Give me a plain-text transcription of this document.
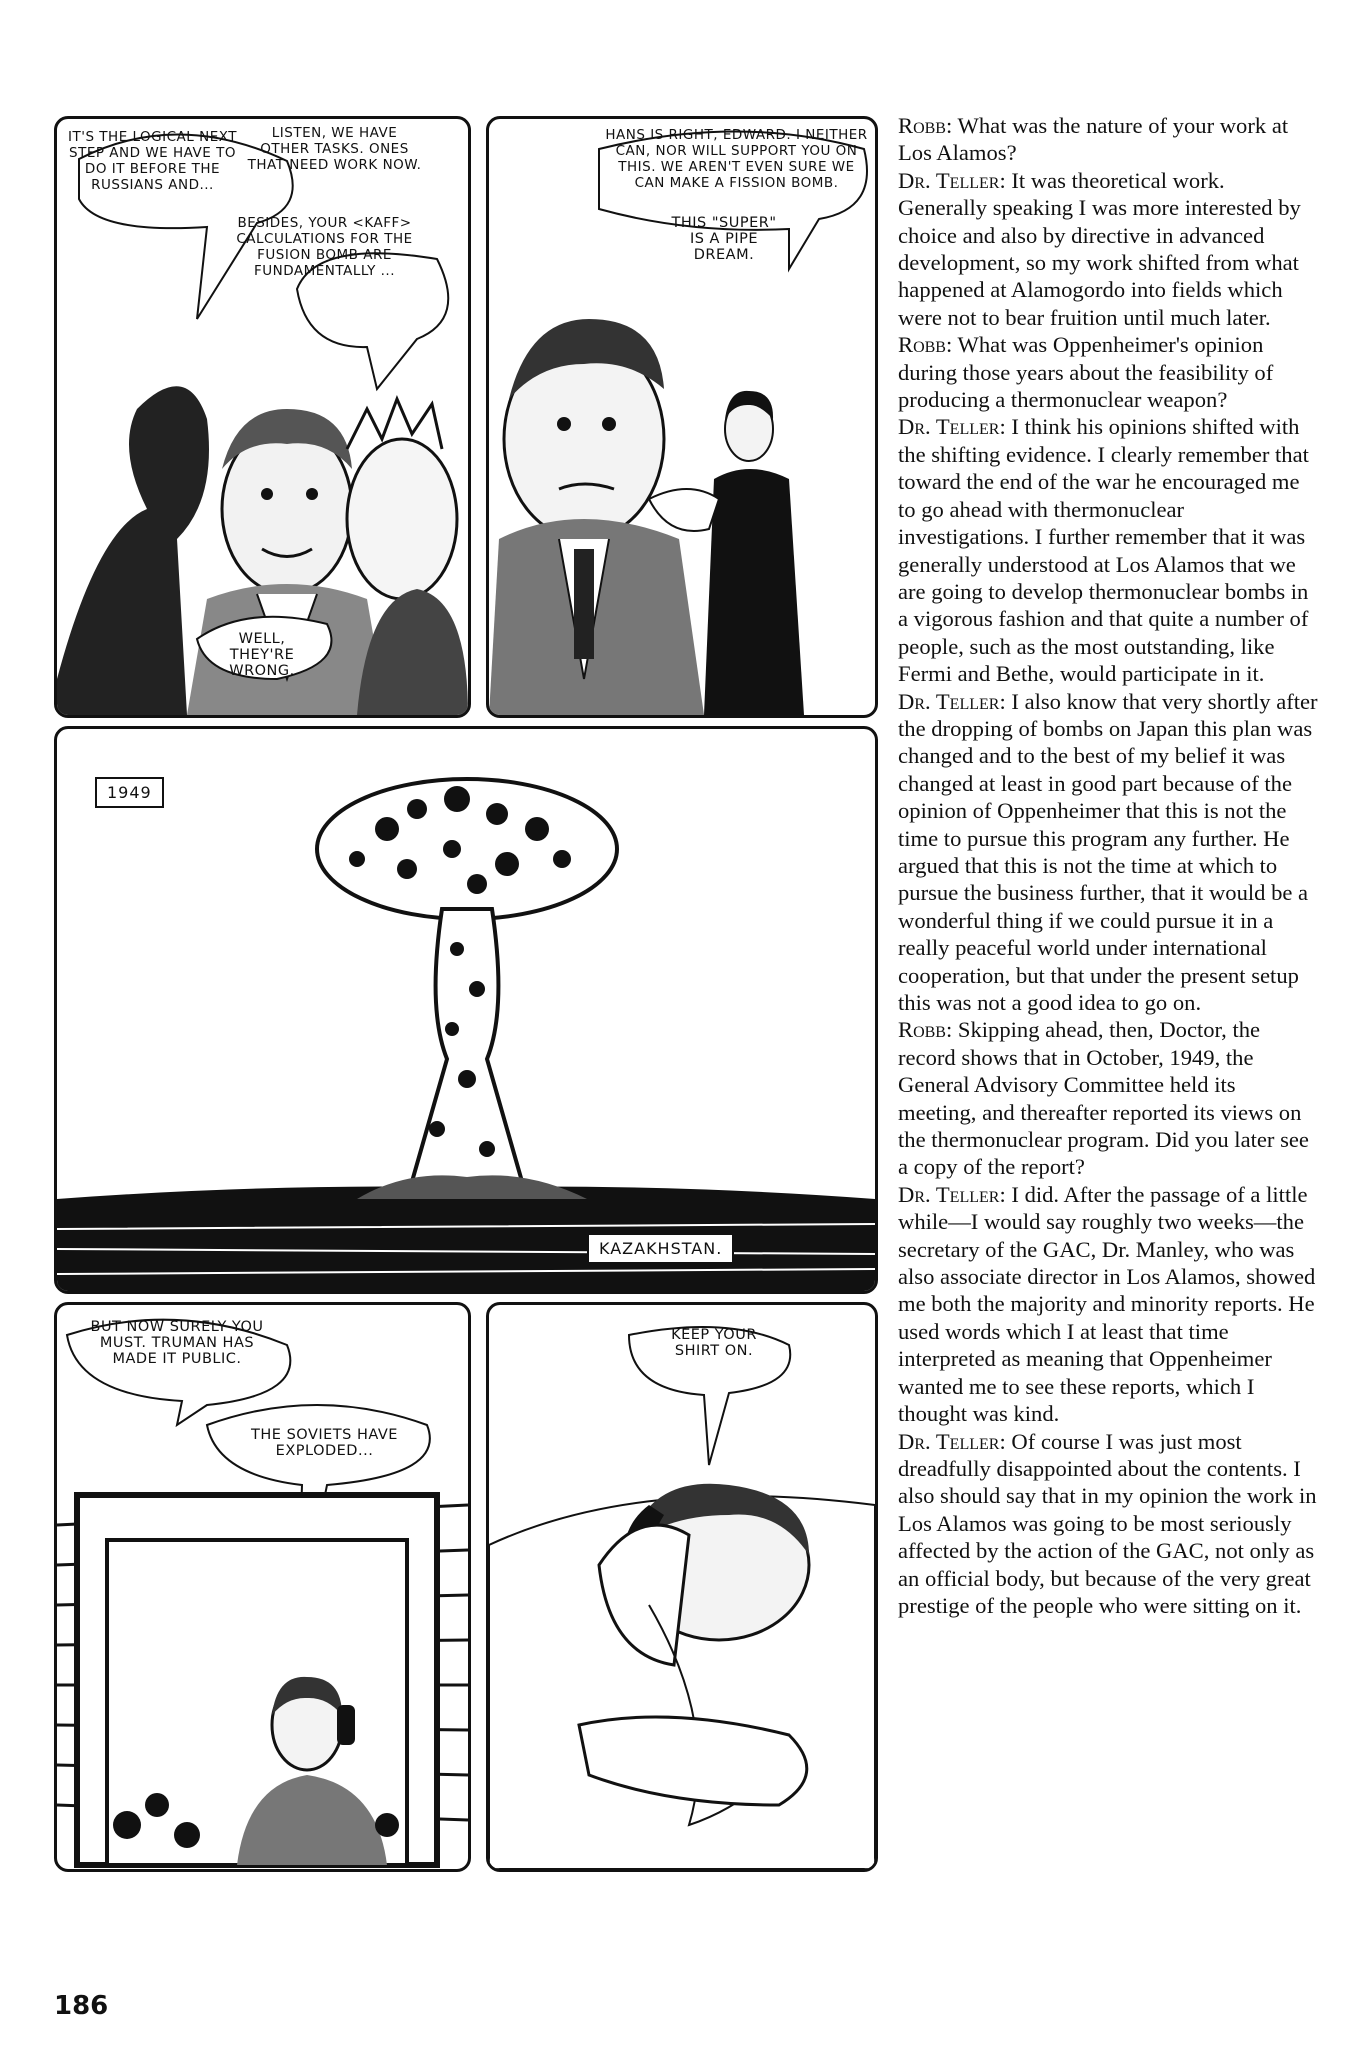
IT'S THE LOGICAL NEXT STEP AND WE HAVE TO DO IT BEFORE THE RUSSIANS AND...
LISTEN, WE HAVE OTHER TASKS. ONES THAT NEED WORK NOW.
BESIDES, YOUR <KAFF> CALCULATIONS FOR THE FUSION BOMB ARE FUNDAMENTALLY ...
WELL, THEY'RE WRONG.
HANS IS RIGHT, EDWARD. I NEITHER CAN, NOR WILL SUPPORT YOU ON THIS. WE AREN'T EVEN SURE WE CAN MAKE A FISSION BOMB.
THIS "SUPER" IS A PIPE DREAM.
1949
KAZAKHSTAN.
BUT NOW SURELY YOU MUST. TRUMAN HAS MADE IT PUBLIC.
THE SOVIETS HAVE EXPLODED...
KEEP YOUR SHIRT ON.

Robb: What was the nature of your work at Los Alamos?

Dr. Teller: It was theoretical work. Generally speaking I was more interested by choice and also by directive in advanced development, so my work shifted from what happened at Alamogordo into fields which were not to bear fruition until much later.

Robb: What was Oppenheimer's opinion during those years about the feasibility of producing a thermonuclear weapon?

Dr. Teller: I think his opinions shifted with the shifting evidence. I clearly remember that toward the end of the war he encouraged me to go ahead with thermonuclear investigations. I further remember that it was generally understood at Los Alamos that we are going to develop thermonuclear bombs in a vigorous fashion and that quite a number of people, such as the most outstanding, like Fermi and Bethe, would participate in it.

Dr. Teller: I also know that very shortly after the dropping of bombs on Japan this plan was changed and to the best of my belief it was changed at least in good part because of the opinion of Oppenheimer that this is not the time to pursue this program any further. He argued that this is not the time at which to pursue the business further, that it would be a wonderful thing if we could pursue it in a really peaceful world under international cooperation, but that under the present setup this was not a good idea to go on.

Robb: Skipping ahead, then, Doctor, the record shows that in October, 1949, the General Advisory Committee held its meeting, and thereafter reported its views on the thermonuclear program. Did you later see a copy of the report?

Dr. Teller: I did. After the passage of a little while—I would say roughly two weeks—the secretary of the GAC, Dr. Manley, who was also associate director in Los Alamos, showed me both the majority and minority reports. He used words which I at least that time interpreted as meaning that Oppenheimer wanted me to see these reports, which I thought was kind.

Dr. Teller: Of course I was just most dreadfully disappointed about the contents. I also should say that in my opinion the work in Los Alamos was going to be most seriously affected by the action of the GAC, not only as an official body, but because of the very great prestige of the people who were sitting on it.

186
